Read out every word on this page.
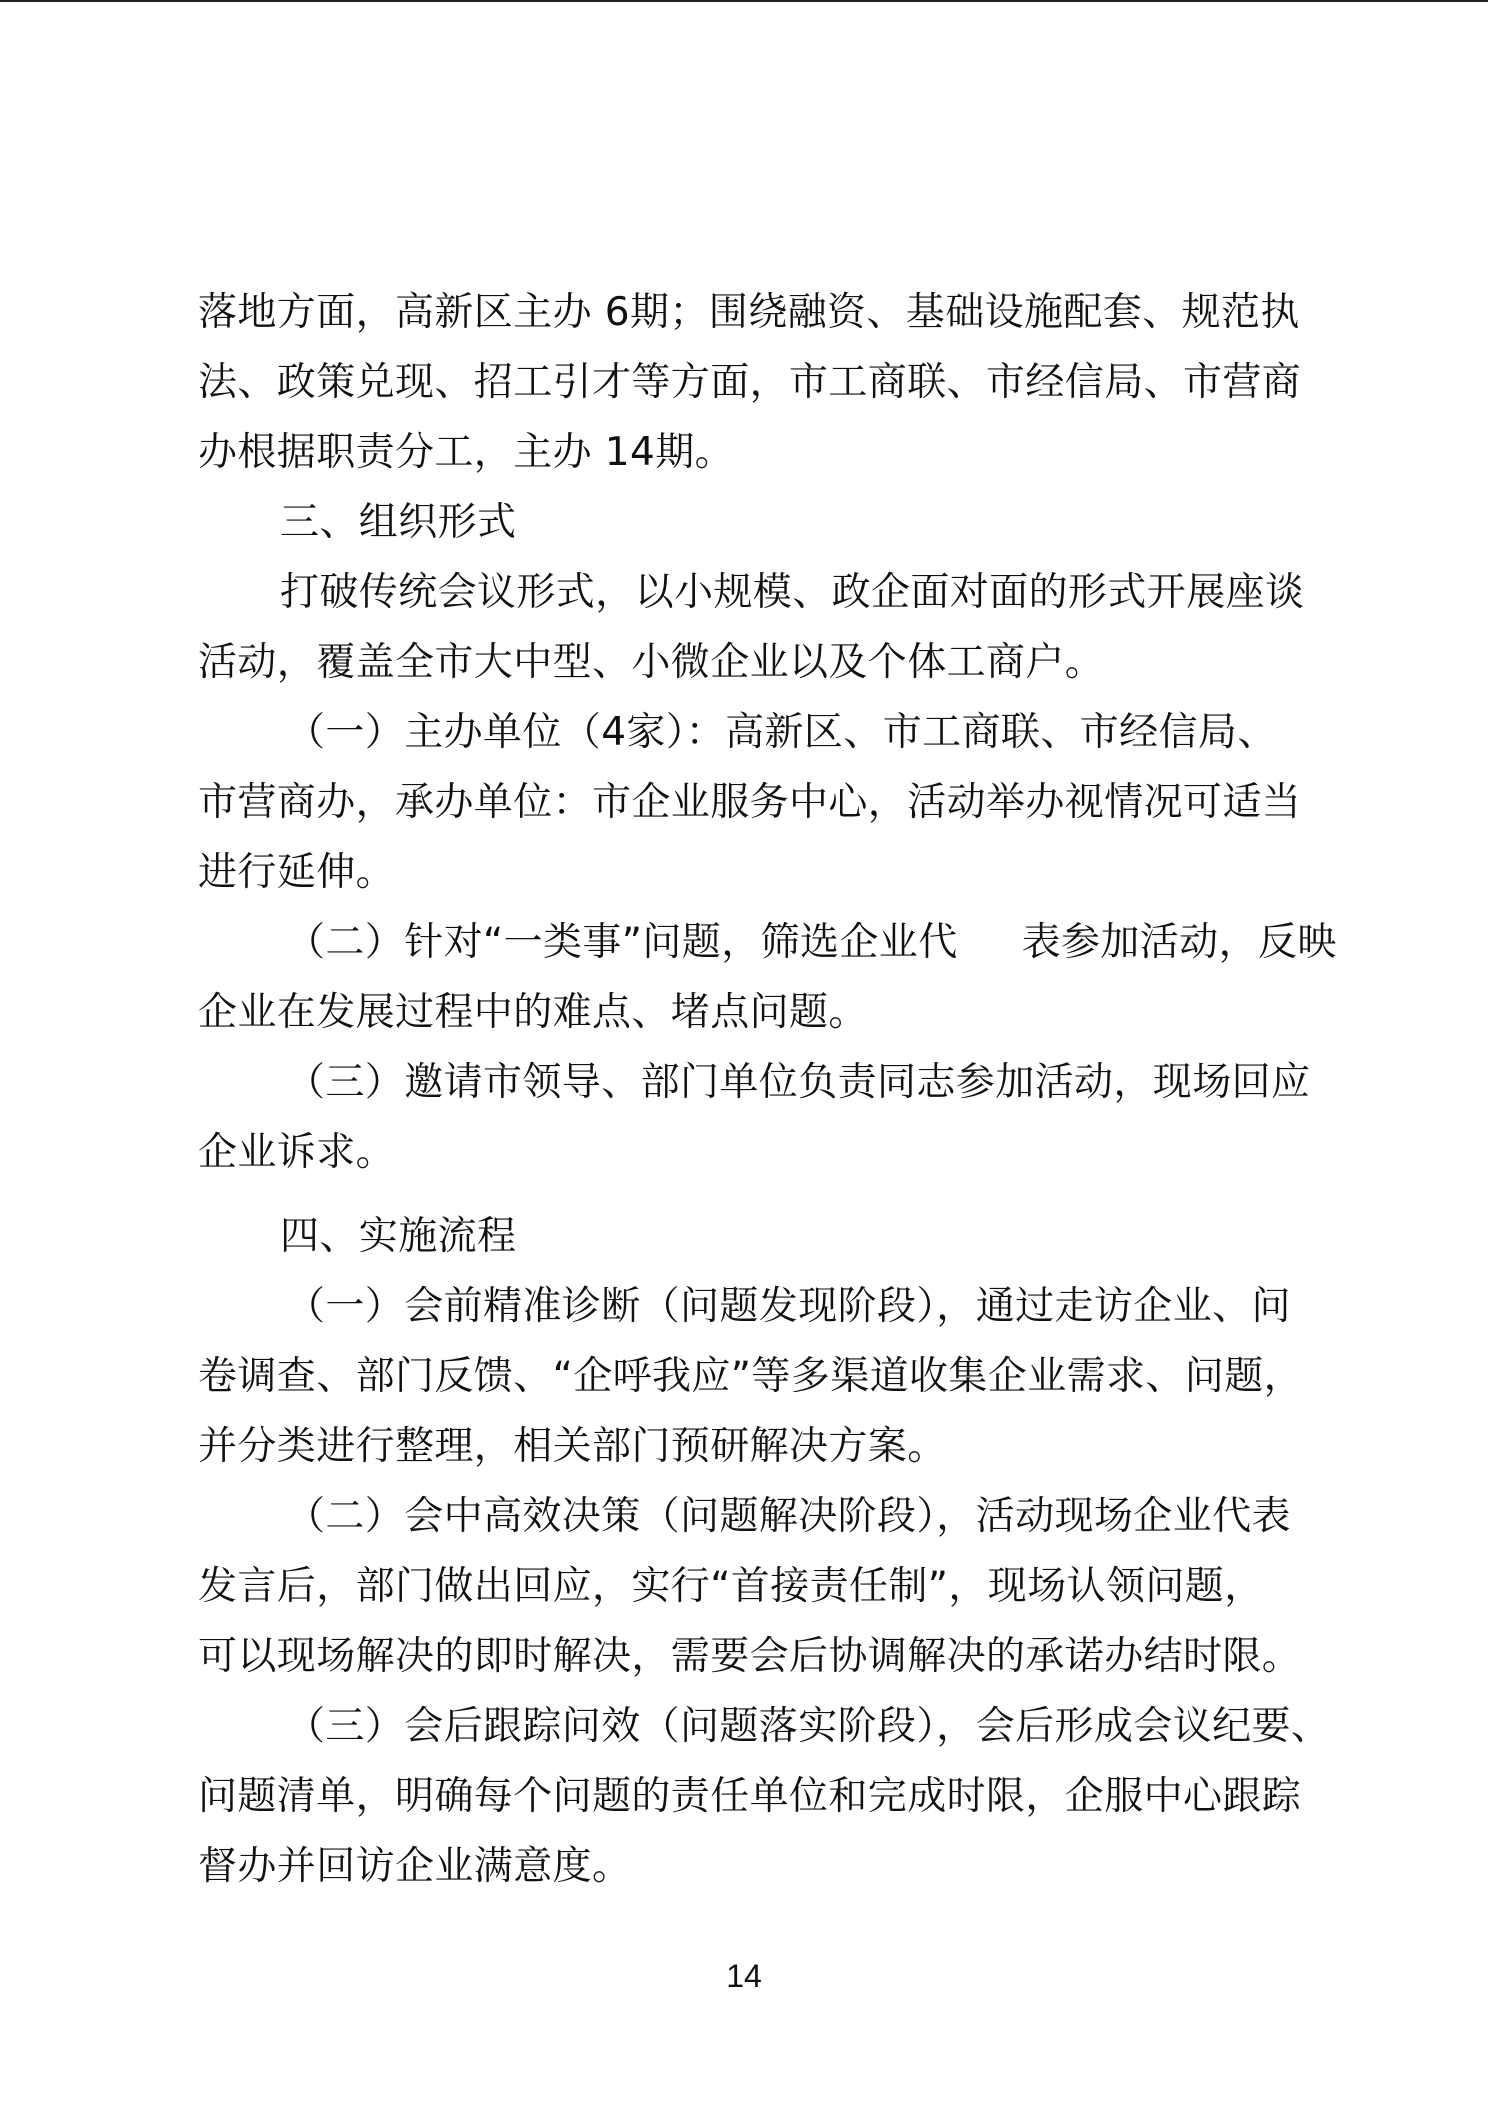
落地方面，高新区主办 6期；围绕融资、基础设施配套、规范执
法、政策兑现、招工引才等方面，市工商联、市经信局、市营商
办根据职责分工，主办 14期。
三、组织形式
打破传统会议形式，以小规模、政企面对面的形式开展座谈
活动，覆盖全市大中型、小微企业以及个体工商户。
（一）主办单位（4家）：高新区、市工商联、市经信局、
市营商办，承办单位：市企业服务中心，活动举办视情况可适当
进行延伸。
（二）针对“一类事”问题，筛选企业代     表参加活动，反映
企业在发展过程中的难点、堵点问题。
（三）邀请市领导、部门单位负责同志参加活动，现场回应
企业诉求。
四、实施流程
（一）会前精准诊断（问题发现阶段），通过走访企业、问
卷调查、部门反馈、“企呼我应”等多渠道收集企业需求、问题，
并分类进行整理，相关部门预研解决方案。
（二）会中高效决策（问题解决阶段），活动现场企业代表
发言后，部门做出回应，实行“首接责任制”，现场认领问题，
可以现场解决的即时解决，需要会后协调解决的承诺办结时限。
（三）会后跟踪问效（问题落实阶段），会后形成会议纪要、
问题清单，明确每个问题的责任单位和完成时限，企服中心跟踪
督办并回访企业满意度。
14
